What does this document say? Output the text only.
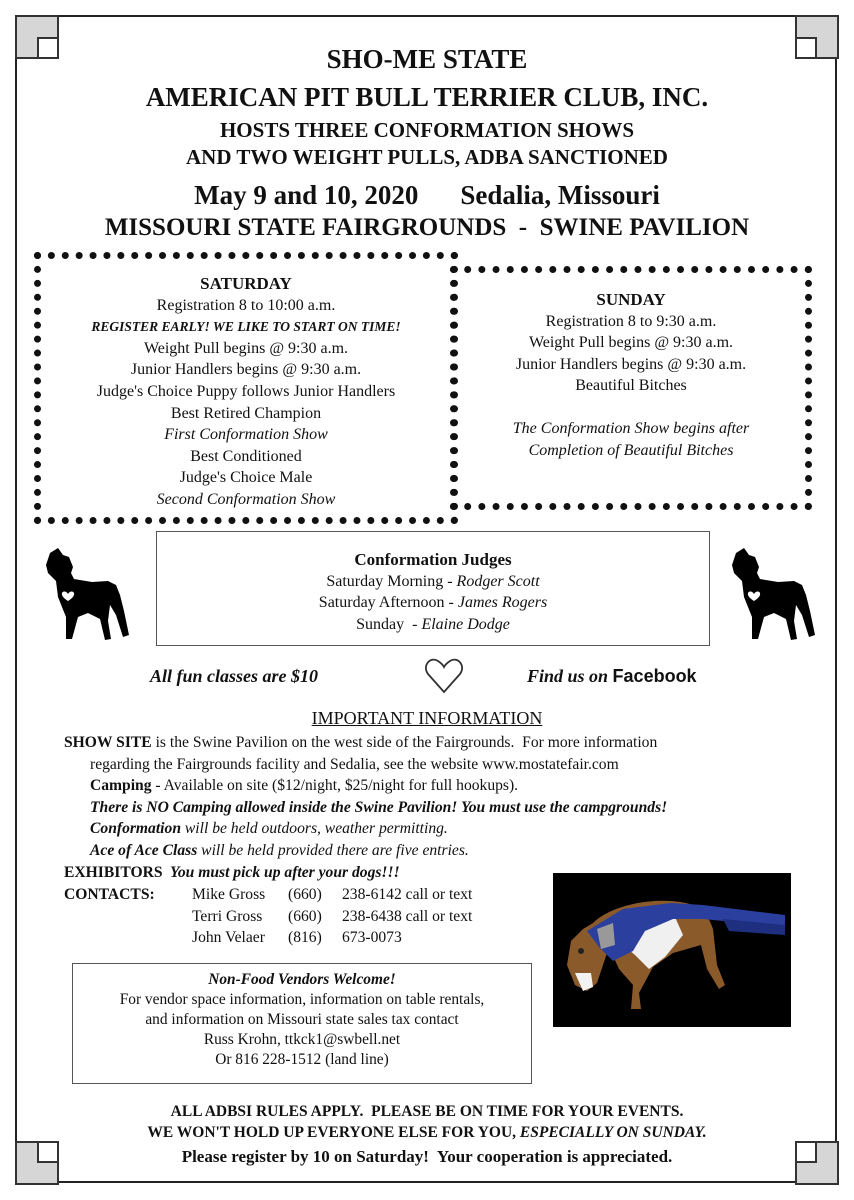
SHO-ME STATE
AMERICAN PIT BULL TERRIER CLUB, INC.
HOSTS THREE CONFORMATION SHOWS
AND TWO WEIGHT PULLS, ADBA SANCTIONED
May 9 and 10, 2020 Sedalia, Missouri
MISSOURI STATE FAIRGROUNDS  -  SWINE PAVILION
SATURDAY
Registration 8 to 10:00 a.m.
REGISTER EARLY! WE LIKE TO START ON TIME!
Weight Pull begins @ 9:30 a.m.
Junior Handlers begins @ 9:30 a.m.
Judge's Choice Puppy follows Junior Handlers
Best Retired Champion
First Conformation Show
Best Conditioned
Judge's Choice Male
Second Conformation Show
SUNDAY
Registration 8 to 9:30 a.m.
Weight Pull begins @ 9:30 a.m.
Junior Handlers begins @ 9:30 a.m.
Beautiful Bitches
The Conformation Show begins after
Completion of Beautiful Bitches
Conformation Judges
Saturday Morning - Rodger Scott
Saturday Afternoon - James Rogers
Sunday  - Elaine Dodge
All fun classes are $10	Find us on Facebook
IMPORTANT INFORMATION

SHOW SITE is the Swine Pavilion on the west side of the Fairgrounds.  For more information

regarding the Fairgrounds facility and Sedalia, see the website www.mostatefair.com

Camping - Available on site ($12/night, $25/night for full hookups).

There is NO Camping allowed inside the Swine Pavilion! You must use the campgrounds!

Conformation will be held outdoors, weather permitting.

Ace of Ace Class will be held provided there are five entries.

EXHIBITORS  You must pick up after your dogs!!!

CONTACTS:	Mike Gross	(660)	238-6142 call or text
Terri Gross	(660)	238-6438 call or text
John Velaer	(816)	673-0073
Non-Food Vendors Welcome!
For vendor space information, information on table rentals,
and information on Missouri state sales tax contact
Russ Krohn, ttkck1@swbell.net
Or 816 228-1512 (land line)
ALL ADBSI RULES APPLY.  PLEASE BE ON TIME FOR YOUR EVENTS.
WE WON'T HOLD UP EVERYONE ELSE FOR YOU, ESPECIALLY ON SUNDAY.
Please register by 10 on Saturday!  Your cooperation is appreciated.
